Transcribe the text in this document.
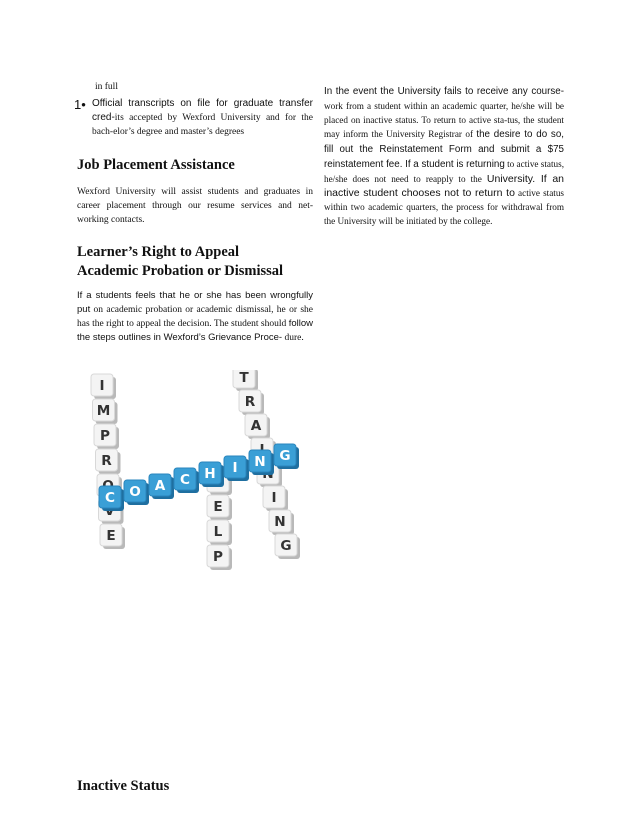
in full
1• Official transcripts on file for graduate transfer cred-its accepted by Wexford University and for the bach-elor’s degree and master’s degrees
Job Placement Assistance

Wexford University will assist students and graduates in career placement through our resume services and net-working contacts.

Learner’s Right to Appeal
Academic Probation or Dismissal

If a students feels that he or she has been wrongfully put on academic probation or academic dismissal, he or she has the right to appeal the decision. The student should follow the steps outlines in Wexford’s Grievance Proce- dure.

I
M
P
R
E
T
R
A
I
N
G
E
L
P
C O A C H I N G
Inactive Status

In the event the University fails to receive any course- work from a student within an academic quarter, he/she will be placed on inactive status. To return to active sta-tus, the student may inform the University Registrar of the desire to do so, fill out the Reinstatement Form and submit a $75 reinstatement fee. If a student is returning to active status, he/she does not need to reapply to the University. If an inactive student chooses not to return to active status within two academic quarters, the process for withdrawal from the University will be initiated by the college.
